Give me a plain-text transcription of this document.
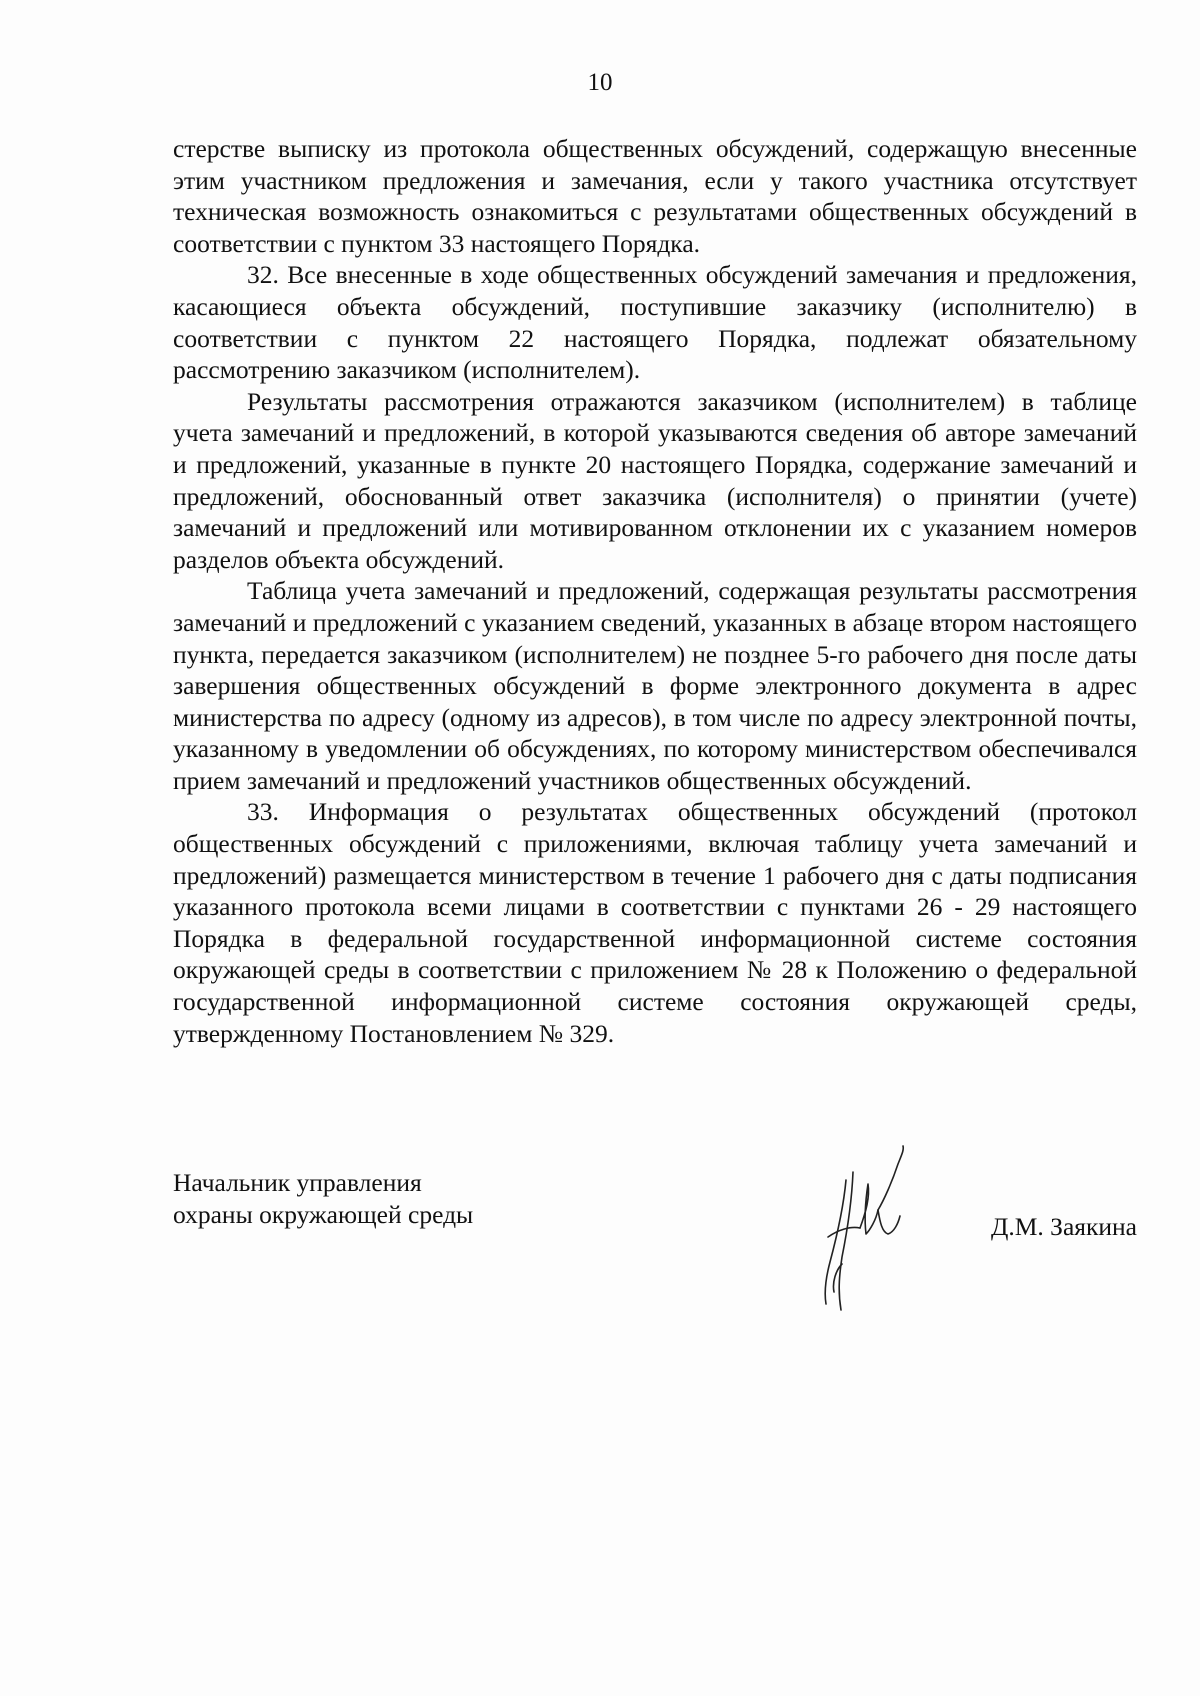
10

стерстве выписку из протокола общественных обсуждений, содержащую внесенные этим участником предложения и замечания, если у такого участника отсутствует техническая возможность ознакомиться с результатами общественных обсуждений в соответствии с пунктом 33 настоящего Порядка.

32. Все внесенные в ходе общественных обсуждений замечания и предложения, касающиеся объекта обсуждений, поступившие заказчику (исполнителю) в соответствии с пунктом 22 настоящего Порядка, подлежат обязательному рассмотрению заказчиком (исполнителем).

Результаты рассмотрения отражаются заказчиком (исполнителем) в таблице учета замечаний и предложений, в которой указываются сведения об авторе замечаний и предложений, указанные в пункте 20 настоящего Порядка, содержание замечаний и предложений, обоснованный ответ заказчика (исполнителя) о принятии (учете) замечаний и предложений или мотивированном отклонении их с указанием номеров разделов объекта обсуждений.

Таблица учета замечаний и предложений, содержащая результаты рассмотрения замечаний и предложений с указанием сведений, указанных в абзаце втором настоящего пункта, передается заказчиком (исполнителем) не позднее 5-го рабочего дня после даты завершения общественных обсуждений в форме электронного документа в адрес министерства по адресу (одному из адресов), в том числе по адресу электронной почты, указанному в уведомлении об обсуждениях, по которому министерством обеспечивался прием замечаний и предложений участников общественных обсуждений.

33. Информация о результатах общественных обсуждений (протокол общественных обсуждений с приложениями, включая таблицу учета замечаний и предложений) размещается министерством в течение 1 рабочего дня с даты подписания указанного протокола всеми лицами в соответствии с пунктами 26 - 29 настоящего Порядка в федеральной государственной информационной системе состояния окружающей среды в соответствии с приложением № 28 к Положению о федеральной государственной информационной системе состояния окружающей среды, утвержденному Постановлением № 329.

Начальник управления
охраны окружающей среды	Д.М. Заякина
